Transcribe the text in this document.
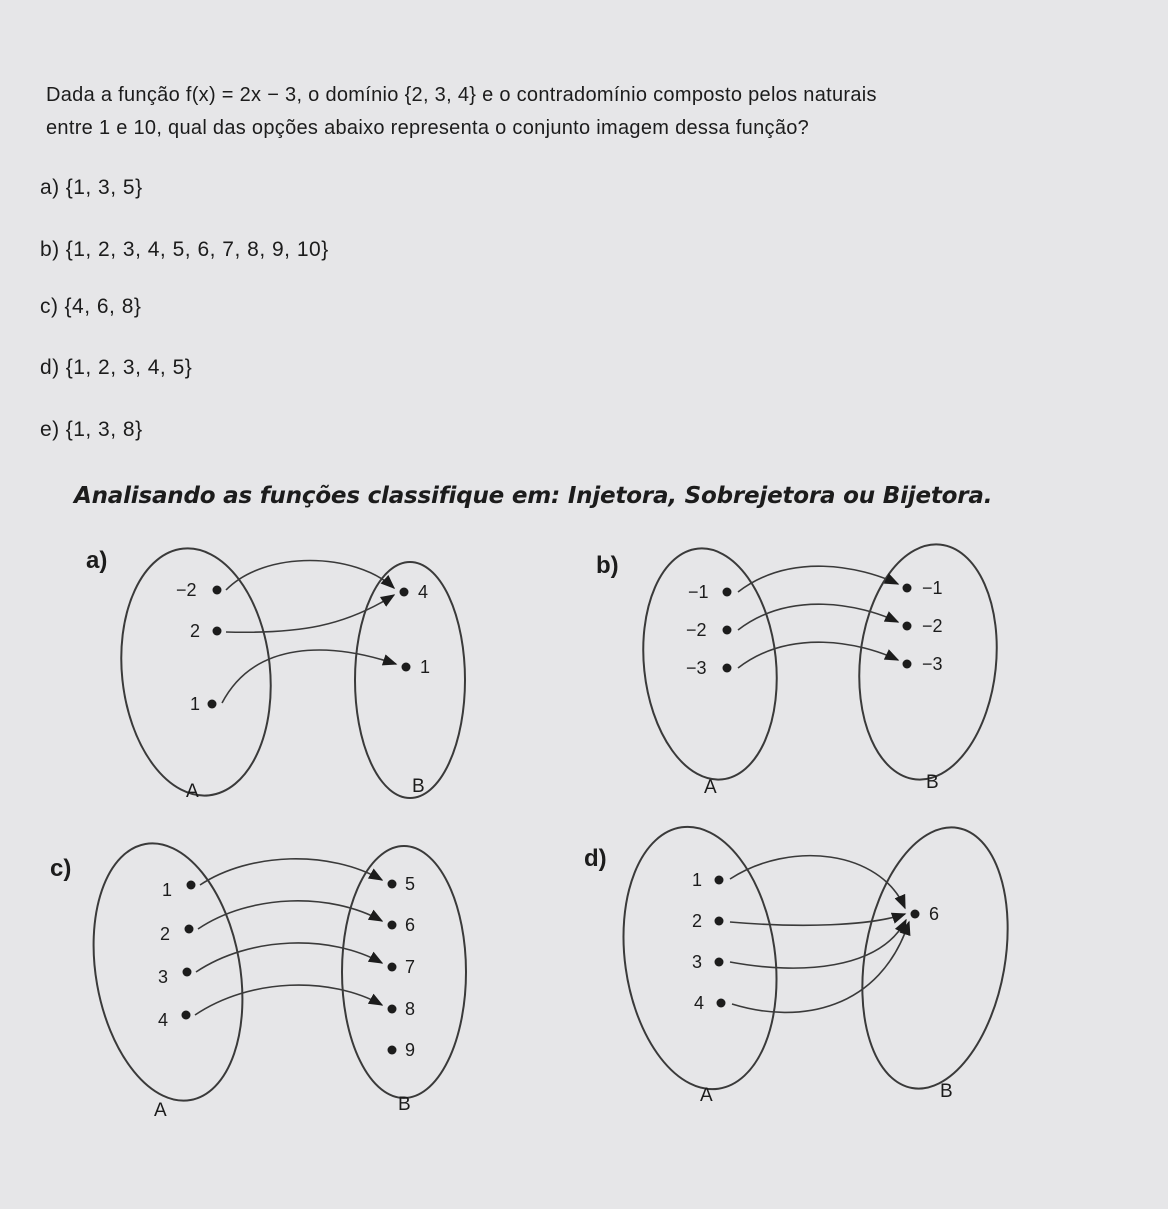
Dada a função f(x) = 2x − 3, o domínio {2, 3, 4} e o contradomínio composto pelos naturais
entre 1 e 10, qual das opções abaixo representa o conjunto imagem dessa função?
a) {1, 3, 5}
b) {1, 2, 3, 4, 5, 6, 7, 8, 9, 10}
c) {4, 6, 8}
d) {1, 2, 3, 4, 5}
e) {1, 3, 8}
Analisando as funções classifique em: Injetora, Sobrejetora ou Bijetora.
a)
A	B
−2
2
1
4
1
b)
A	B
−1
−2
−3
−1
−2
−3
c)
A	B
1
2
3
4
5
6
7
8
9
d)
A	B
1
2
3
4
6
